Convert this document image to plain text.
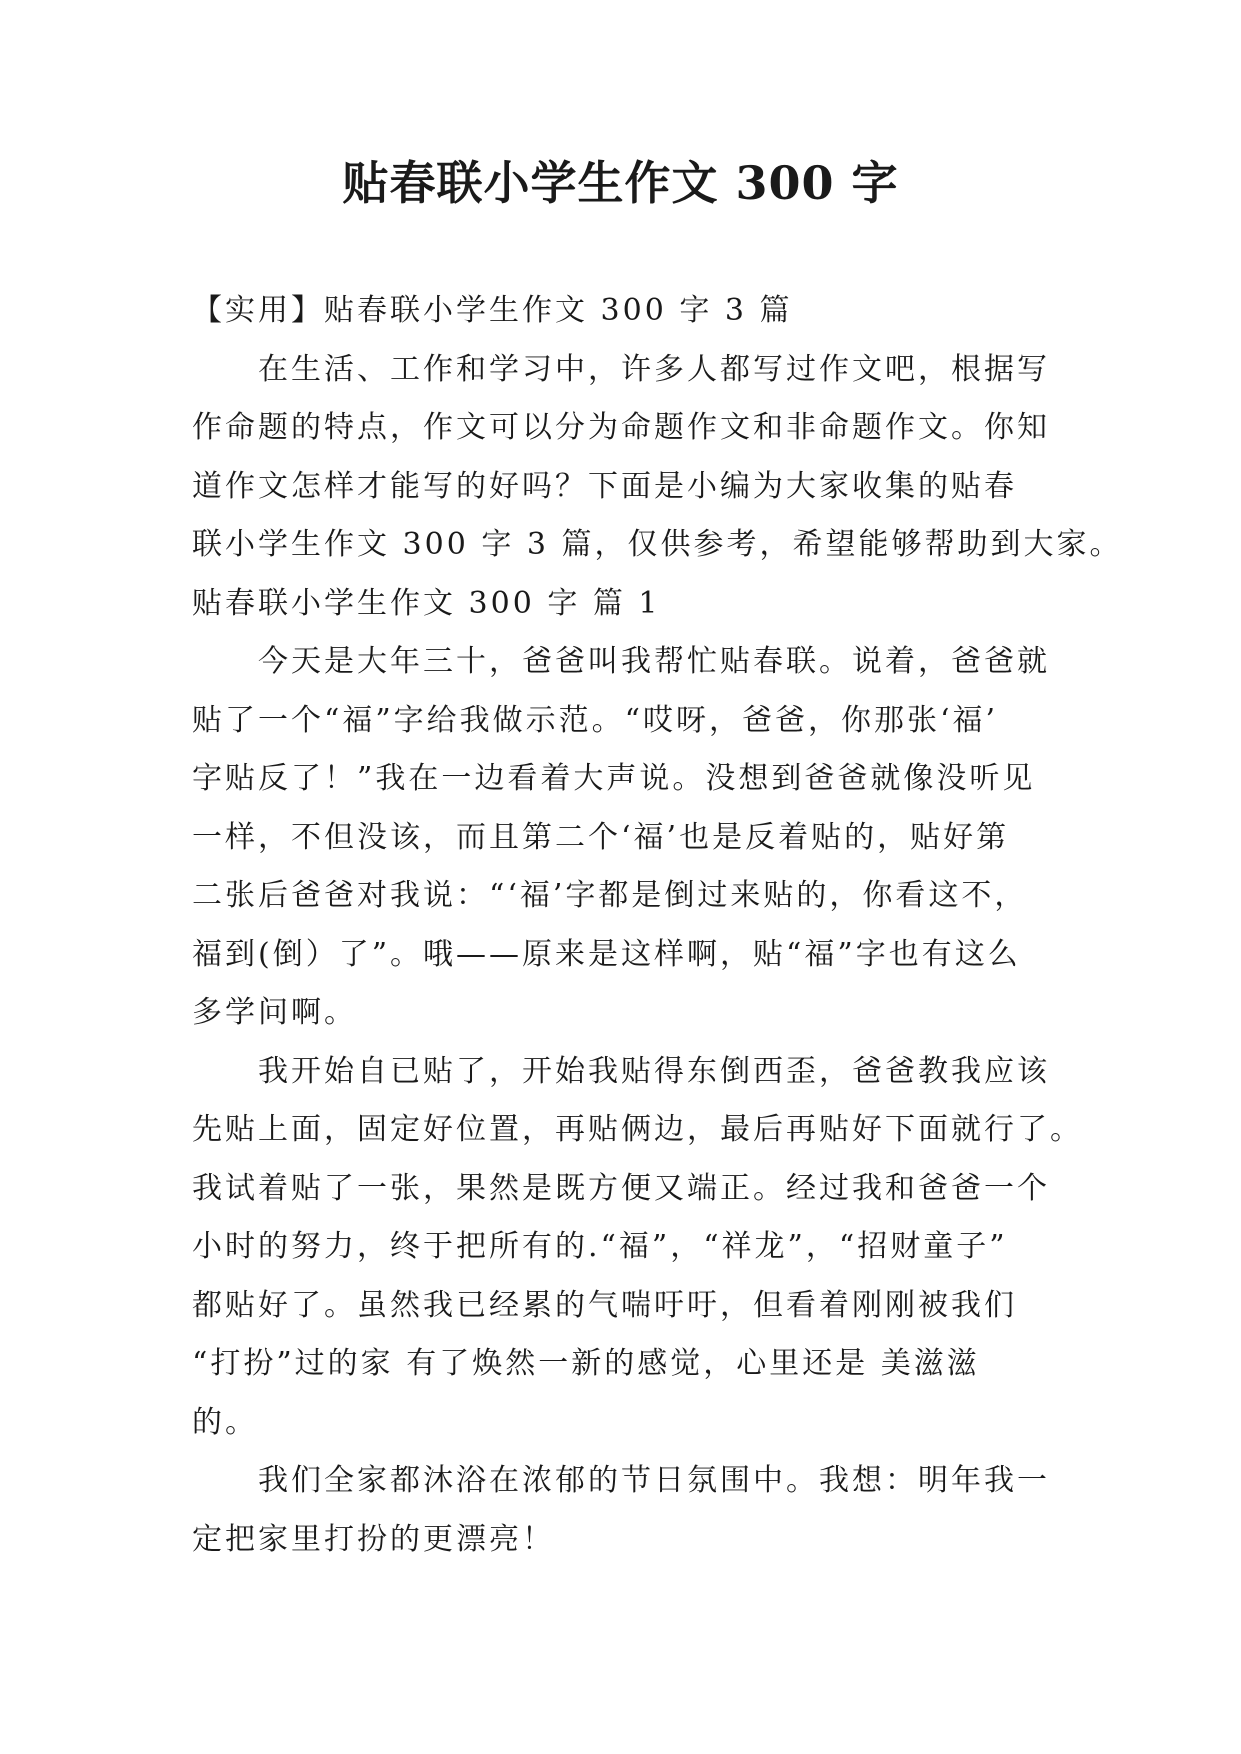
贴春联小学生作文 300 字
【实用】贴春联小学生作文 300 字 3 篇
在生活、工作和学习中，许多人都写过作文吧，根据写
作命题的特点，作文可以分为命题作文和非命题作文。你知
道作文怎样才能写的好吗？下面是小编为大家收集的贴春
联小学生作文 300 字 3 篇，仅供参考，希望能够帮助到大家。
贴春联小学生作文 300 字 篇 1
今天是大年三十，爸爸叫我帮忙贴春联。说着，爸爸就
贴了一个“福”字给我做示范。“哎呀，爸爸，你那张‘福’
字贴反了！”我在一边看着大声说。没想到爸爸就像没听见
一样，不但没该，而且第二个‘福’也是反着贴的，贴好第
二张后爸爸对我说：“‘福’字都是倒过来贴的，你看这不，
福到(倒）了”。哦——原来是这样啊，贴“福”字也有这么
多学问啊。
我开始自已贴了，开始我贴得东倒西歪，爸爸教我应该
先贴上面，固定好位置，再贴俩边，最后再贴好下面就行了。
我试着贴了一张，果然是既方便又端正。经过我和爸爸一个
小时的努力，终于把所有的.“福”，“祥龙”，“招财童子”
都贴好了。虽然我已经累的气喘吁吁，但看着刚刚被我们
“打扮”过的家 有了焕然一新的感觉，心里还是 美滋滋
的。
我们全家都沐浴在浓郁的节日氛围中。我想：明年我一
定把家里打扮的更漂亮！
